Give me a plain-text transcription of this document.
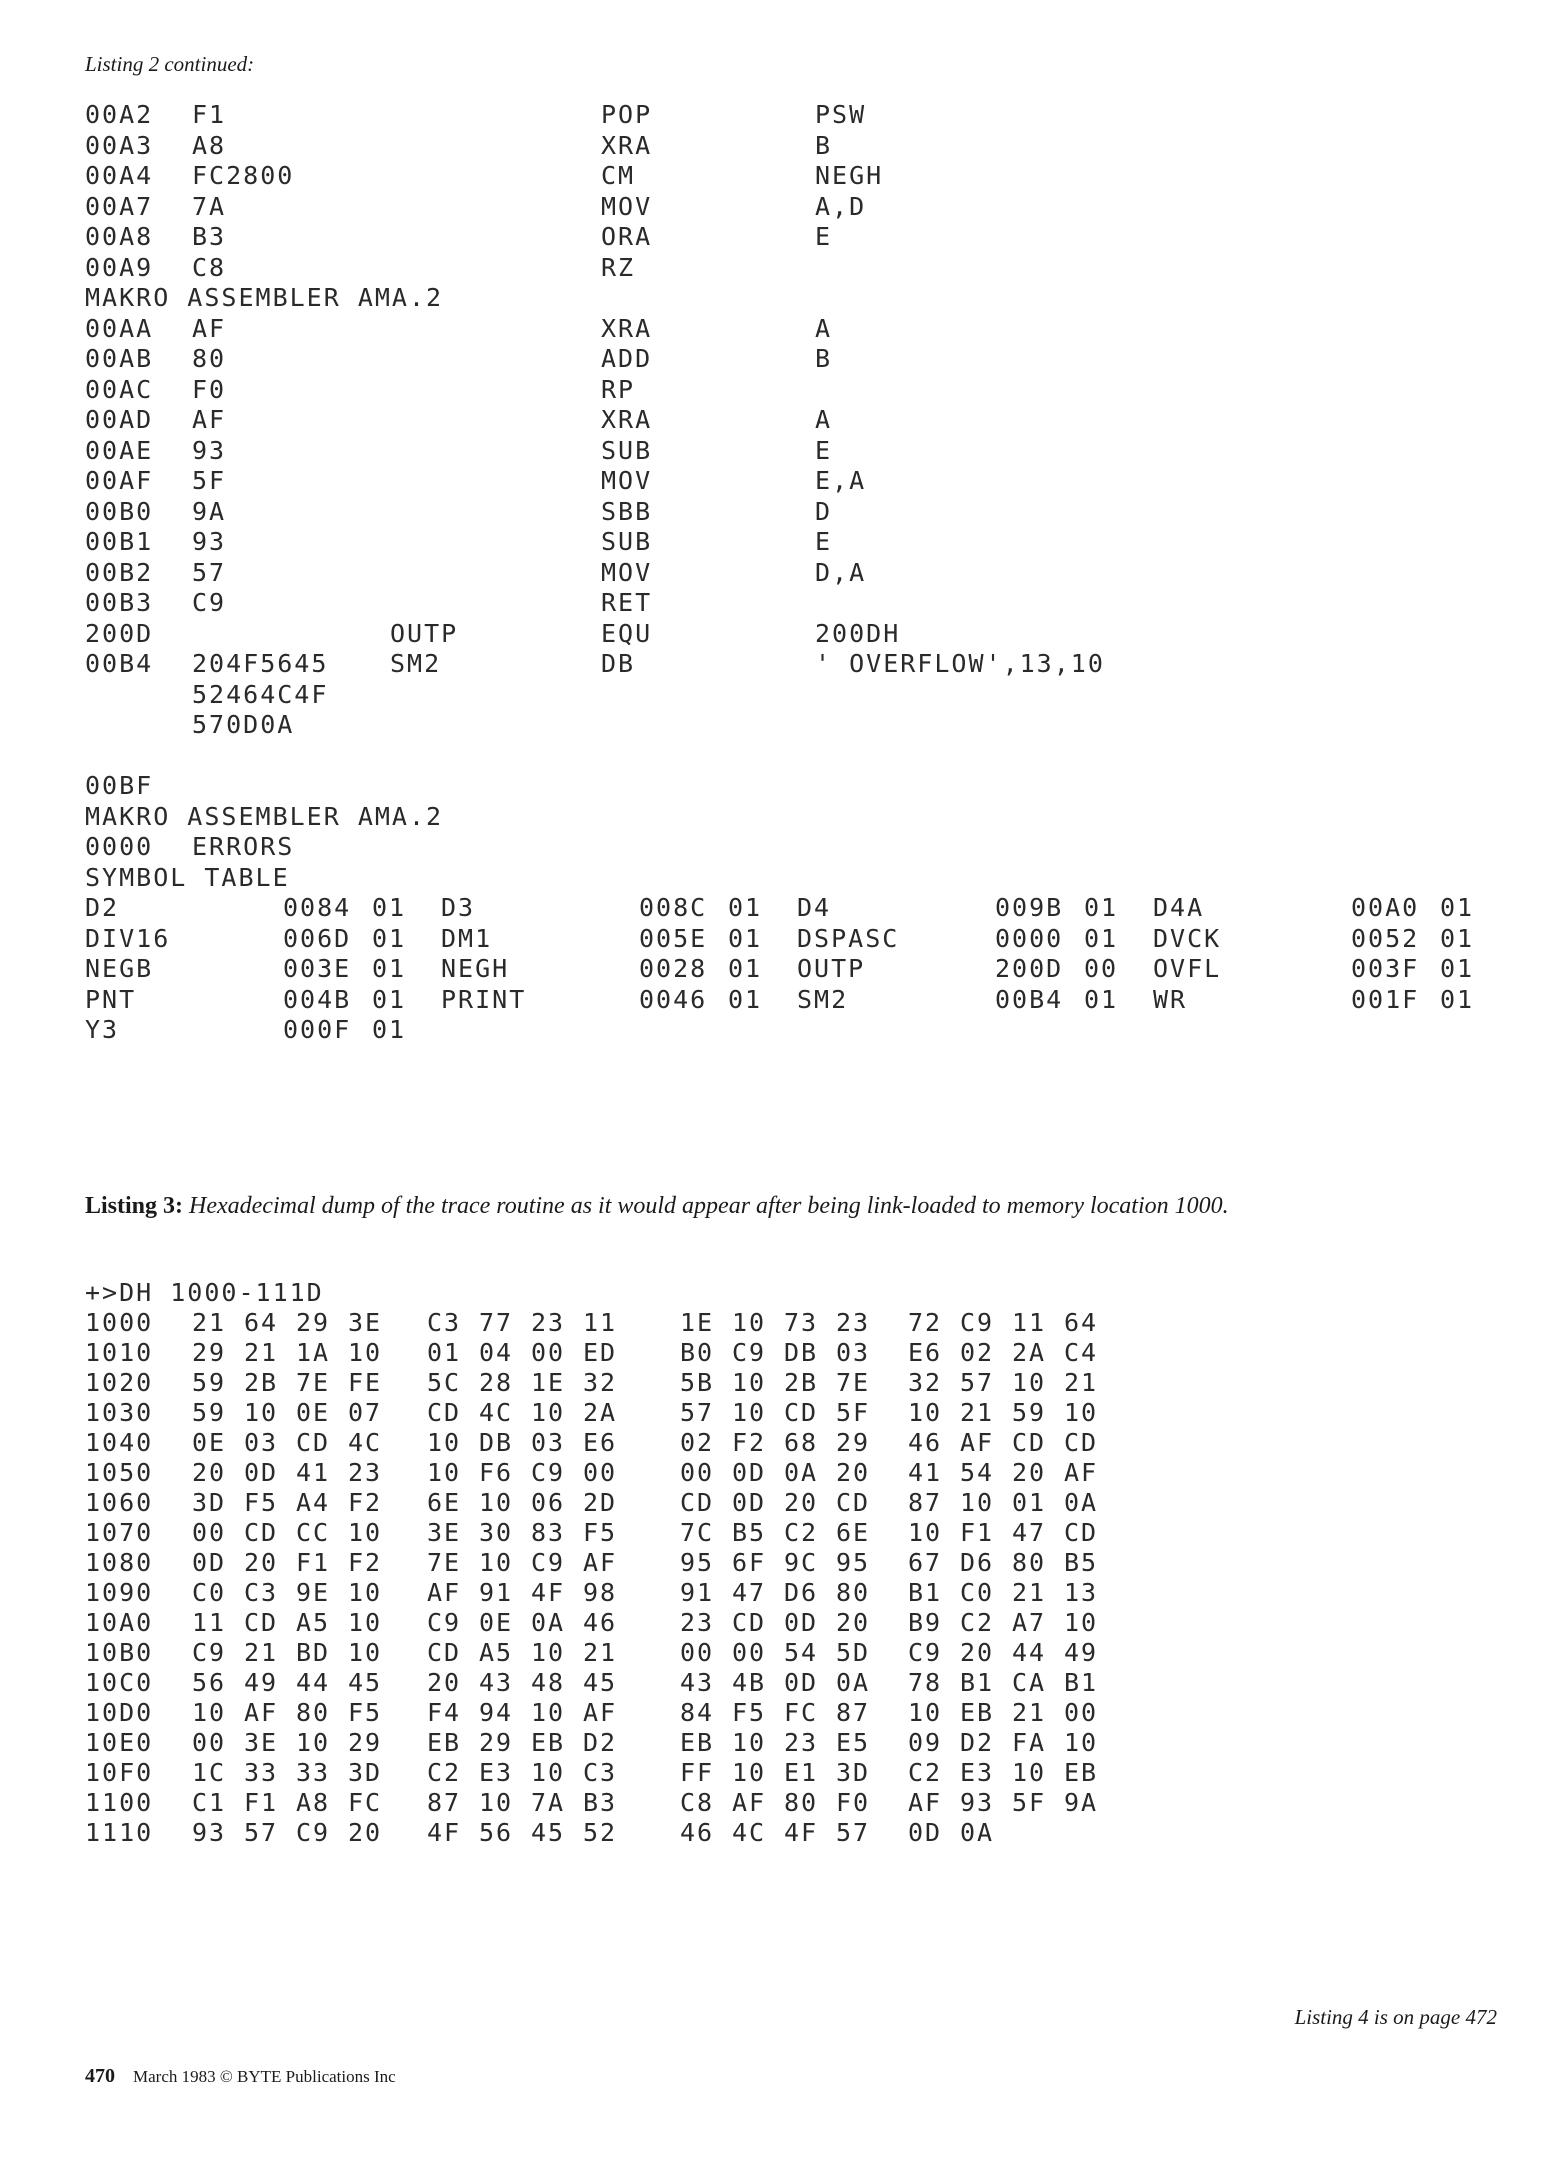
Listing 2 continued:
00A2 F1	POP	PSW
00A3 A8	XRA	B
00A4 FC2800	CM	NEGH
00A7 7A	MOV	A,D
00A8 B3	ORA	E
00A9 C8	RZ
MAKRO ASSEMBLER AMA.2
00AA AF	XRA	A
00AB 80	ADD	B
00AC F0	RP
00AD AF	XRA	A
00AE 93	SUB	E
00AF 5F	MOV	E,A
00B0 9A	SBB	D
00B1 93	SUB	E
00B2 57	MOV	D,A
00B3 C9	RET
200D	OUTP	EQU	200DH
00B4 204F5645 SM2	DB	' OVERFLOW',13,10
52464C4F
570D0A
00BF
MAKRO ASSEMBLER AMA.2
0000 ERRORS
SYMBOL TABLE
D2	0084 01 D3	008C 01 D4	009B 01 D4A	00A0 01
DIV16	006D 01 DM1	005E 01 DSPASC	0000 01 DVCK	0052 01
NEGB	003E 01 NEGH	0028 01 OUTP	200D 00 OVFL	003F 01
PNT	004B 01 PRINT	0046 01 SM2	00B4 01 WR	001F 01
Y3	000F 01
Listing 3: Hexadecimal dump of the trace routine as it would appear after being link-loaded to memory location 1000.
+>DH 1000-111D
1000 21 64 29 3E C3 77 23 11	1E 10 73 23 72 C9 11 64
1010 29 21 1A 10 01 04 00 ED	B0 C9 DB 03 E6 02 2A C4
1020 59 2B 7E FE 5C 28 1E 32	5B 10 2B 7E 32 57 10 21
1030 59 10 0E 07 CD 4C 10 2A	57 10 CD 5F 10 21 59 10
1040 0E 03 CD 4C 10 DB 03 E6	02 F2 68 29 46 AF CD CD
1050 20 0D 41 23 10 F6 C9 00	00 0D 0A 20 41 54 20 AF
1060 3D F5 A4 F2 6E 10 06 2D	CD 0D 20 CD 87 10 01 0A
1070 00 CD CC 10 3E 30 83 F5	7C B5 C2 6E 10 F1 47 CD
1080 0D 20 F1 F2 7E 10 C9 AF	95 6F 9C 95 67 D6 80 B5
1090 C0 C3 9E 10 AF 91 4F 98	91 47 D6 80 B1 C0 21 13
10A0 11 CD A5 10 C9 0E 0A 46	23 CD 0D 20 B9 C2 A7 10
10B0 C9 21 BD 10 CD A5 10 21	00 00 54 5D C9 20 44 49
10C0 56 49 44 45 20 43 48 45	43 4B 0D 0A 78 B1 CA B1
10D0 10 AF 80 F5 F4 94 10 AF	84 F5 FC 87 10 EB 21 00
10E0 00 3E 10 29 EB 29 EB D2	EB 10 23 E5 09 D2 FA 10
10F0 1C 33 33 3D C2 E3 10 C3	FF 10 E1 3D C2 E3 10 EB
1100 C1 F1 A8 FC 87 10 7A B3	C8 AF 80 F0 AF 93 5F 9A
1110 93 57 C9 20 4F 56 45 52	46 4C 4F 57 0D 0A
Listing 4 is on page 472
470 March 1983 © BYTE Publications Inc
